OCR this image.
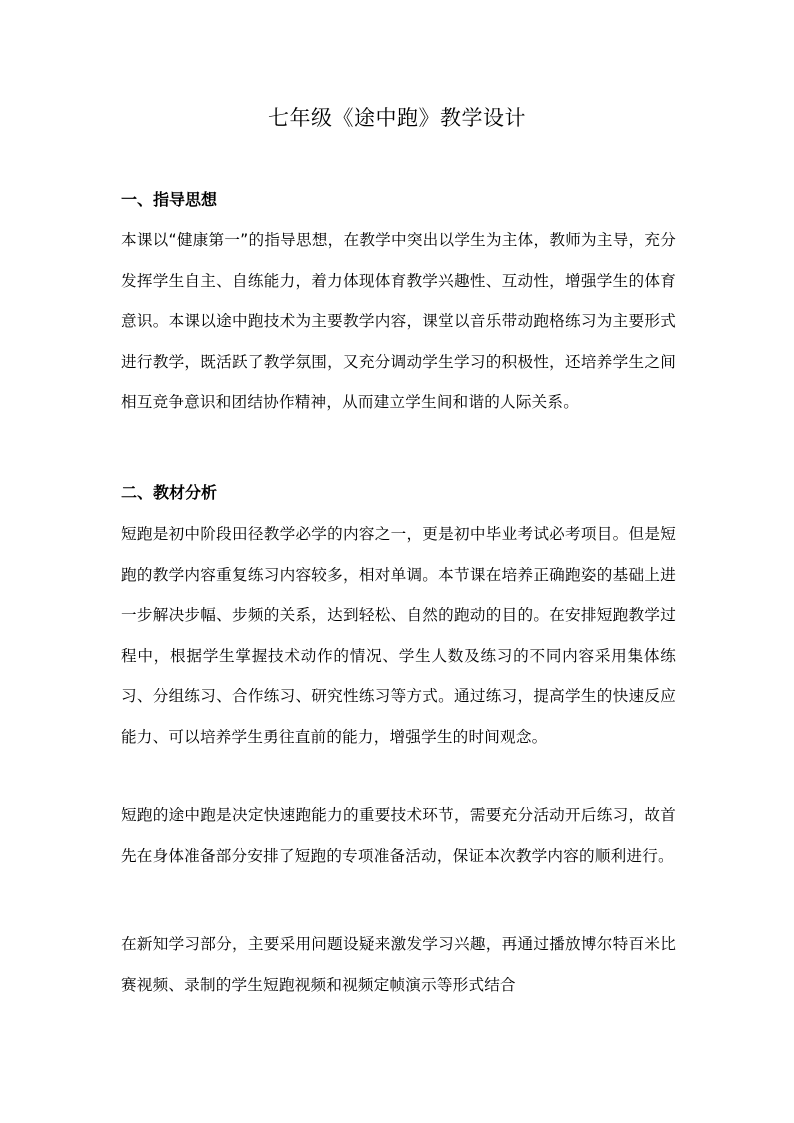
七年级《途中跑》教学设计
一、指导思想

本课以“健康第一”的指导思想，在教学中突出以学生为主体，教师为主导，充分发挥学生自主、自练能力，着力体现体育教学兴趣性、互动性，增强学生的体育意识。本课以途中跑技术为主要教学内容，课堂以音乐带动跑格练习为主要形式进行教学，既活跃了教学氛围，又充分调动学生学习的积极性，还培养学生之间相互竞争意识和团结协作精神，从而建立学生间和谐的人际关系。

二、教材分析

短跑是初中阶段田径教学必学的内容之一，更是初中毕业考试必考项目。但是短跑的教学内容重复练习内容较多，相对单调。本节课在培养正确跑姿的基础上进一步解决步幅、步频的关系，达到轻松、自然的跑动的目的。在安排短跑教学过程中，根据学生掌握技术动作的情况、学生人数及练习的不同内容采用集体练习、分组练习、合作练习、研究性练习等方式。通过练习，提高学生的快速反应能力、可以培养学生勇往直前的能力，增强学生的时间观念。

短跑的途中跑是决定快速跑能力的重要技术环节，需要充分活动开后练习，故首先在身体准备部分安排了短跑的专项准备活动，保证本次教学内容的顺利进行。

在新知学习部分，主要采用问题设疑来激发学习兴趣，再通过播放博尔特百米比赛视频、录制的学生短跑视频和视频定帧演示等形式结合
